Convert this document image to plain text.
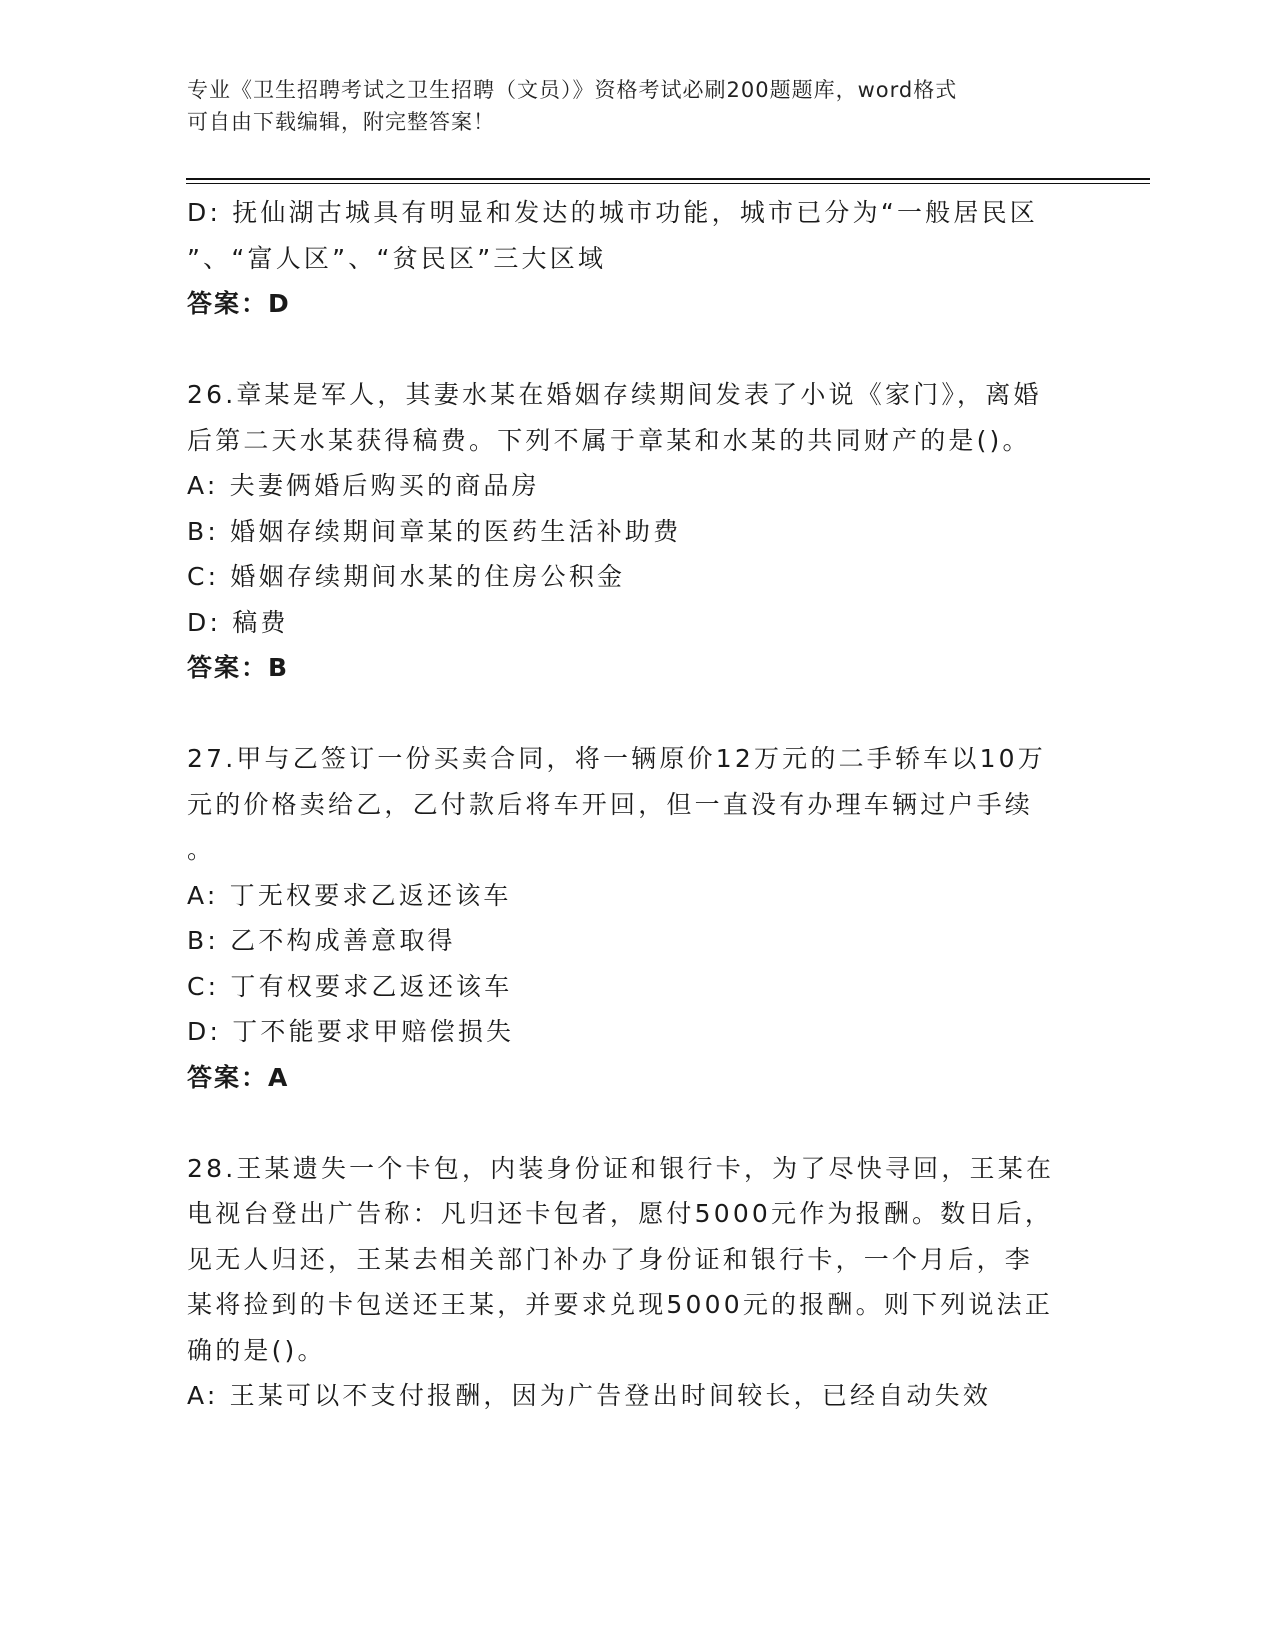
专业《卫生招聘考试之卫生招聘（文员）》资格考试必刷200题题库，word格式
可自由下载编辑，附完整答案！
D: 抚仙湖古城具有明显和发达的城市功能，城市已分为“一般居民区
”、“富人区”、“贫民区”三大区域
答案：D
26.章某是军人，其妻水某在婚姻存续期间发表了小说《家门》，离婚
后第二天水某获得稿费。下列不属于章某和水某的共同财产的是()。
A: 夫妻俩婚后购买的商品房
B: 婚姻存续期间章某的医药生活补助费
C: 婚姻存续期间水某的住房公积金
D: 稿费
答案：B
27.甲与乙签订一份买卖合同，将一辆原价12万元的二手轿车以10万
元的价格卖给乙，乙付款后将车开回，但一直没有办理车辆过户手续
。
A: 丁无权要求乙返还该车
B: 乙不构成善意取得
C: 丁有权要求乙返还该车
D: 丁不能要求甲赔偿损失
答案：A
28.王某遗失一个卡包，内装身份证和银行卡，为了尽快寻回，王某在
电视台登出广告称：凡归还卡包者，愿付5000元作为报酬。数日后，
见无人归还，王某去相关部门补办了身份证和银行卡，一个月后，李
某将捡到的卡包送还王某，并要求兑现5000元的报酬。则下列说法正
确的是()。
A: 王某可以不支付报酬，因为广告登出时间较长，已经自动失效
